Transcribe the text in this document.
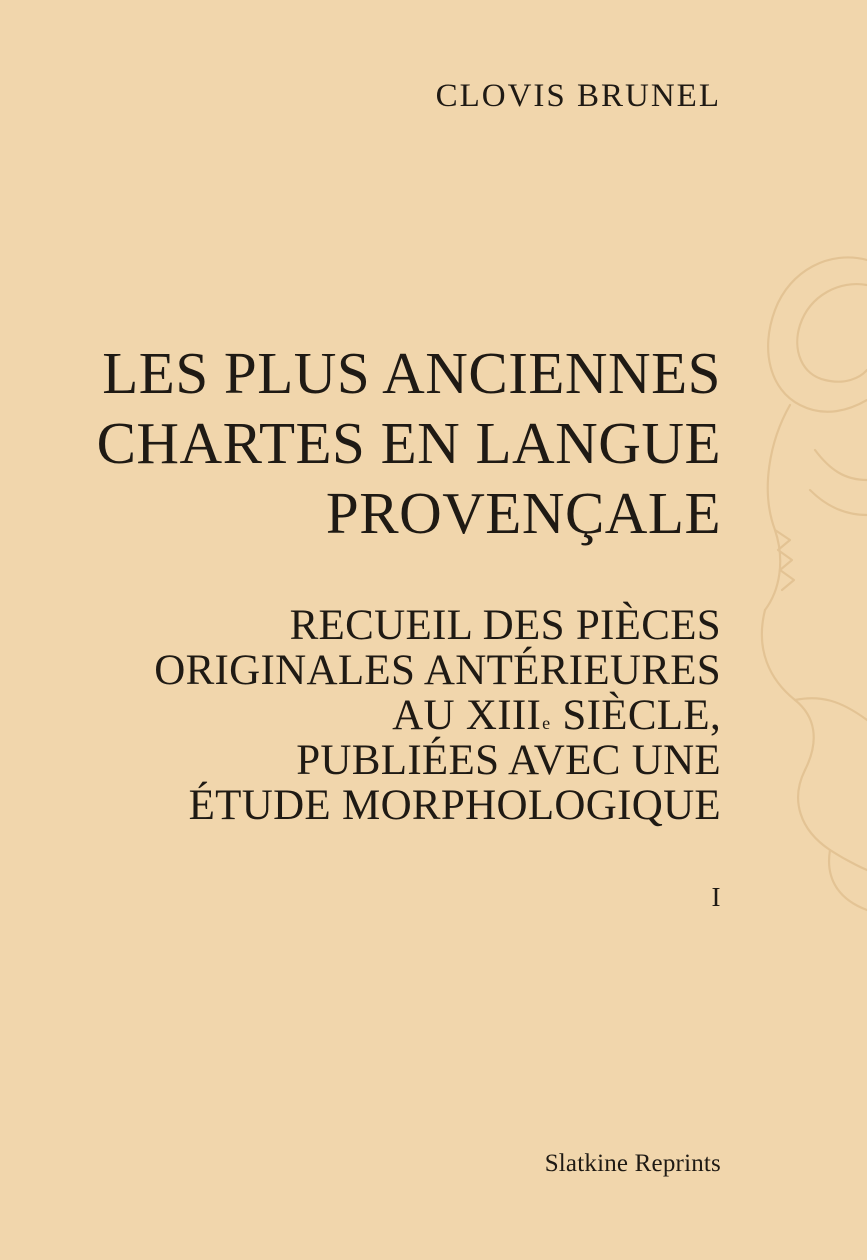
CLOVIS BRUNEL
LES PLUS ANCIENNES
CHARTES EN LANGUE
PROVENÇALE
RECUEIL DES PIÈCES
ORIGINALES ANTÉRIEURES
AU XIIIe SIÈCLE,
PUBLIÉES AVEC UNE
ÉTUDE MORPHOLOGIQUE
I
Slatkine Reprints
